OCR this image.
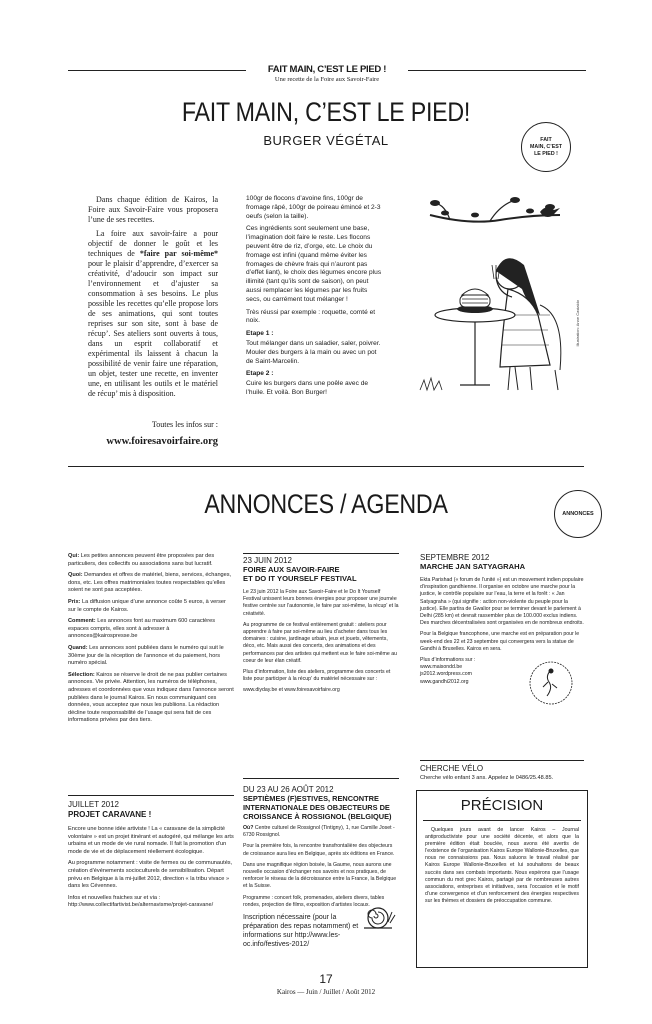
FAIT MAIN, C’EST LE PIED !
Une recette de la Foire aux Savoir-Faire
FAIT MAIN, C’EST LE PIED!
BURGER VÉGÉTAL	FAIT
MAIN, C’EST
LE PIED !

Dans chaque édition de Kairos, la Foire aux Savoir-Faire vous proposera l’une de ses recettes.

La foire aux savoir-faire a pour objectif de donner le goût et les techniques de *faire par soi-même* pour le plaisir d’apprendre, d’exercer sa créativité, d’adoucir son impact sur l’environnement et d’ajuster sa consommation à ses besoins. Le plus possible les recettes qu’elle propose lors de ses animations, qui sont toutes reprises sur son site, sont à base de récup’. Ses ateliers sont ouverts à tous, dans un esprit collaboratif et expérimental ils laissent à chacun la possibilité de venir faire une réparation, un objet, tester une recette, en inventer une, en utilisant les outils et le matériel de récup’ mis à disposition.

Toutes les infos sur :
www.foiresavoirfaire.org

100gr de flocons d’avoine fins, 100gr de fromage râpé, 100gr de poireau émincé et 2-3 oeufs (selon la taille).

Ces ingrédients sont seulement une base, l’imagination doit faire le reste. Les flocons peuvent être de riz, d’orge, etc. Le choix du fromage est infini (quand même éviter les fromages de chèvre frais qui n’auront pas d’effet liant), le choix des légumes encore plus illimité (tant qu’ils sont de saison), on peut aussi remplacer les légumes par les fruits secs, ou carrément tout mélanger !

Très réussi par exemple : roquette, comté et noix.

Etape 1 :

Tout mélanger dans un saladier, saler, poivrer. Mouler des burgers à la main ou avec un pot de Saint-Marcelin.

Etape 2 :

Cuire les burgers dans une poêle avec de l’huile. Et voilà. Bon Burger!

Illustration: Anne Castaldo
ANNONCES / AGENDA	ANNONCES

Qui: Les petites annonces peuvent être proposées par des particuliers, des collectifs ou associations sans but lucratif.

Quoi: Demandes et offres de matériel, biens, services, échanges, dons, etc. Les offres matrimoniales toutes respectables qu’elles soient ne sont pas acceptées.

Prix: La diffusion unique d’une annonce coûte 5 euros, à verser sur le compte de Kairos.

Comment: Les annonces font au maximum 600 caractères espaces compris, elles sont à adresser à annonces@kairospresse.be

Quand: Les annonces sont publiées dans le numéro qui suit le 30ème jour de la réception de l’annonce et du paiement, hors numéro spécial.

Sélection: Kairos se réserve le droit de ne pas publier certaines annonces. Vie privée. Attention, les numéros de téléphones, adresses et coordonnées que vous indiquez dans l’annonce seront publiées dans le journal Kairos. En nous communiquant ces données, vous acceptez que nous les publiions. La rédaction décline toute responsabilité de l’usage qui sera fait de ces informations privées par des tiers.

JUILLET 2012
PROJET CARAVANE !

Encore une bonne idée artiviste ! La « caravane de la simplicité volontaire » est un projet itinérant et autogéré, qui mélange les arts urbains et un mode de vie rural nomade. Il fait la promotion d’un mode de vie et de déplacement réellement écologique.

Au programme notamment : visite de fermes ou de communautés, création d’événements socioculturels de sensibilisation. Départ prévu en Belgique à la mi-juillet 2012, direction « la tribu vivace » dans les Cévennes.

Infos et nouvelles fraiches sur et via : http://www.collectifartivist.be/alternavisme/projet-caravane/

23 JUIN 2012
FOIRE AUX SAVOIR-FAIRE
ET DO IT YOURSELF FESTIVAL

Le 23 juin 2012 la Foire aux Savoir-Faire et le Do It Yourself Festival unissent leurs bonnes énergies pour proposer une journée festive centrée sur l’autonomie, le faire par soi-même, la récup’ et la créativité.

Au programme de ce festival entièrement gratuit : ateliers pour apprendre à faire par soi-même au lieu d’acheter dans tous les domaines : cuisine, jardinage urbain, jeux et jouets, vêtements, déco, etc. Mais aussi des concerts, des animations et des performances par des artistes qui mettent eux le faire soi-même au coeur de leur élan créatif.

Plus d’information, liste des ateliers, programme des concerts et liste pour participer à la récup’ du matériel nécessaire sur :

www.diyday.be et www.foiresavoirfaire.org

DU 23 AU 26 AOÛT 2012
SEPTIÈMES (F)ESTIVES, RENCONTRE INTERNATIONALE DES OBJECTEURS DE CROISSANCE À ROSSIGNOL (BELGIQUE)

Où? Centre culturel de Rossignol (Tintigny), 1, rue Camille Joset - 6730 Rossignol.

Pour la première fois, la rencontre transfrontalière des objecteurs de croissance aura lieu en Belgique, après six éditions en France.

Dans une magnifique région boisée, la Gaume, nous aurons une nouvelle occasion d’échanger nos savoirs et nos pratiques, de renforcer le réseau de la décroissance entre la France, la Belgique et la Suisse.

Programme : concert folk, promenades, ateliers divers, tables rondes, projection de films, exposition d’artistes locaux.

Inscription nécessaire (pour la préparation des repas notamment) et informations sur http://www.les-oc.info/festives-2012/

SEPTEMBRE 2012
MARCHE JAN SATYAGRAHA

Ekta Parishad (« forum de l’unité ») est un mouvement indien populaire d’inspiration gandhienne. Il organise en octobre une marche pour la justice, le contrôle populaire sur l’eau, la terre et la forêt : « Jan Satyagraha » (qui signifie : action non-violente du peuple pour la justice). Elle partira de Gwalior pour se terminer devant le parlement à Delhi (285 km) et devrait rassembler plus de 100.000 exclus indiens. Des marches décentralisées sont organisées en de nombreux endroits.

Pour la Belgique francophone, une marche est en préparation pour le week-end des 22 et 23 septembre qui convergera vers la statue de Gandhi à Bruxelles. Kairos en sera.

Plus d’informations sur :

www.maisondd.be
js2012.wordpress.com
www.gandhi2012.org
CHERCHE VÉLO
Cherche vélo enfant 3 ans. Appelez le 0486/25.48.85.
PRÉCISION

Quelques jours avant de lancer Kairos – Journal antiproductiviste pour une société décente, et alors que la première édition était bouclée, nous avons été avertis de l’existence de l’organisation Kairos Europe Wallonie-Bruxelles, que nous ne connaissions pas. Nous saluons le travail réalisé par Kairos Europe Wallonie-Bruxelles et lui souhaitons de beaux succès dans ses combats importants. Nous espérons que l’usage commun du mot grec Kairos, partagé par de nombreuses autres associations, entreprises et initiatives, sera l’occasion et le motif d’une convergence et d’un renforcement des énergies respectives sur les thèmes et dossiers de préoccupation commune.

17
Kairos — Juin / Juillet / Août 2012
